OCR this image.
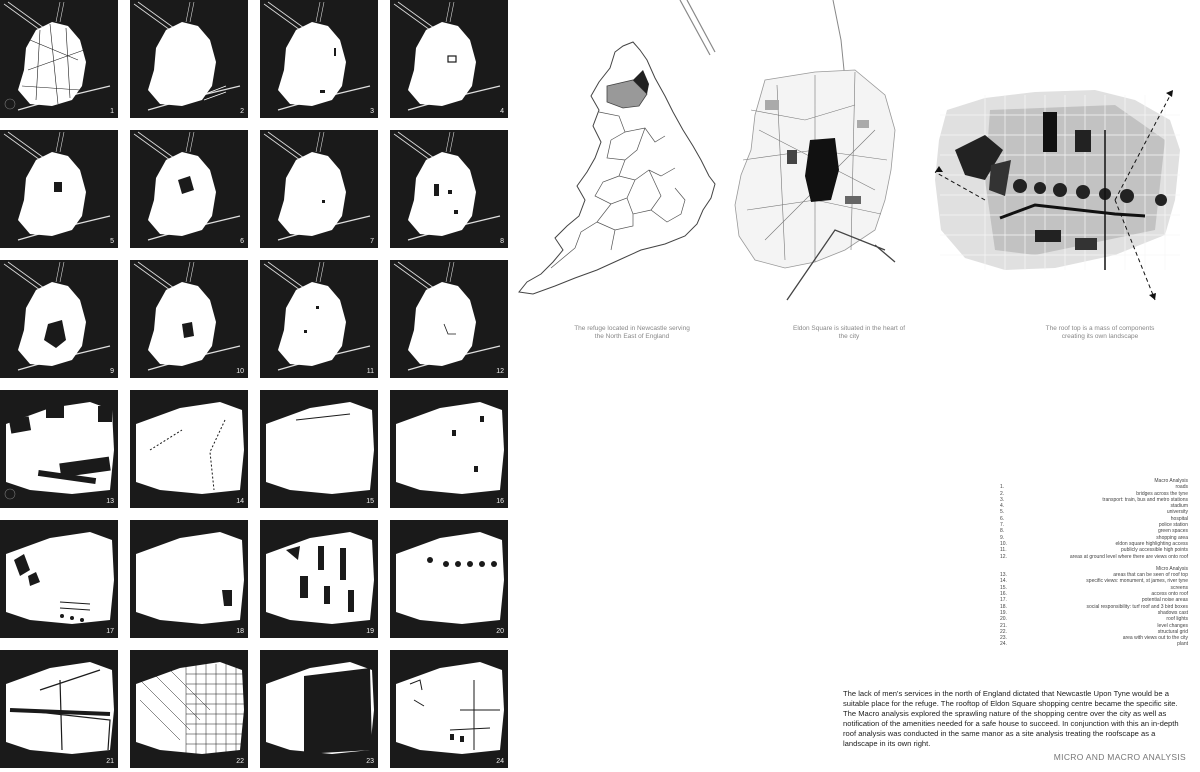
1	2	3	4
5	6	7	8
9	10	11	12
13	14	15	16
17	18	19	20
21	22	23	24
The refuge located in Newcastle serving the North East of England
Eldon Square is situated in the heart of the city
The roof top is a mass of components creating its own landscape
Macro Analysis
1.	roads
2.	bridges across the tyne
3.	transport: train, bus and metro stations
4.	stadium
5.	university
6.	hospital
7.	police station
8.	green spaces
9.	shopping area
10.	eldon square highlighting access
11.	publicly accessible high points
12.	areas at ground level where there are views onto roof
Micro Analysis
13.	areas that can be seen of roof top
14.	specific views: monument, st james, river tyne
15.	screens
16.	access onto roof
17.	potential noise areas
18.	social responsibility: turf roof and 3 bird boxes
19.	shadows cast
20.	roof lights
21.	level changes
22.	structural grid
23.	area with views out to the city
24.	plant
The lack of men's services in the north of England dictated that Newcastle Upon Tyne would be a suitable place for the refuge. The rooftop of Eldon Square shopping centre became the specific site. The Macro analysis explored the sprawling nature of the shopping centre over the city as well as notification of the amenities needed for a safe house to succeed. In conjunction with this an in-depth roof analysis was conducted in the same manor as a site analysis treating the roofscape as a landscape in its own right.
MICRO AND MACRO ANALYSIS
